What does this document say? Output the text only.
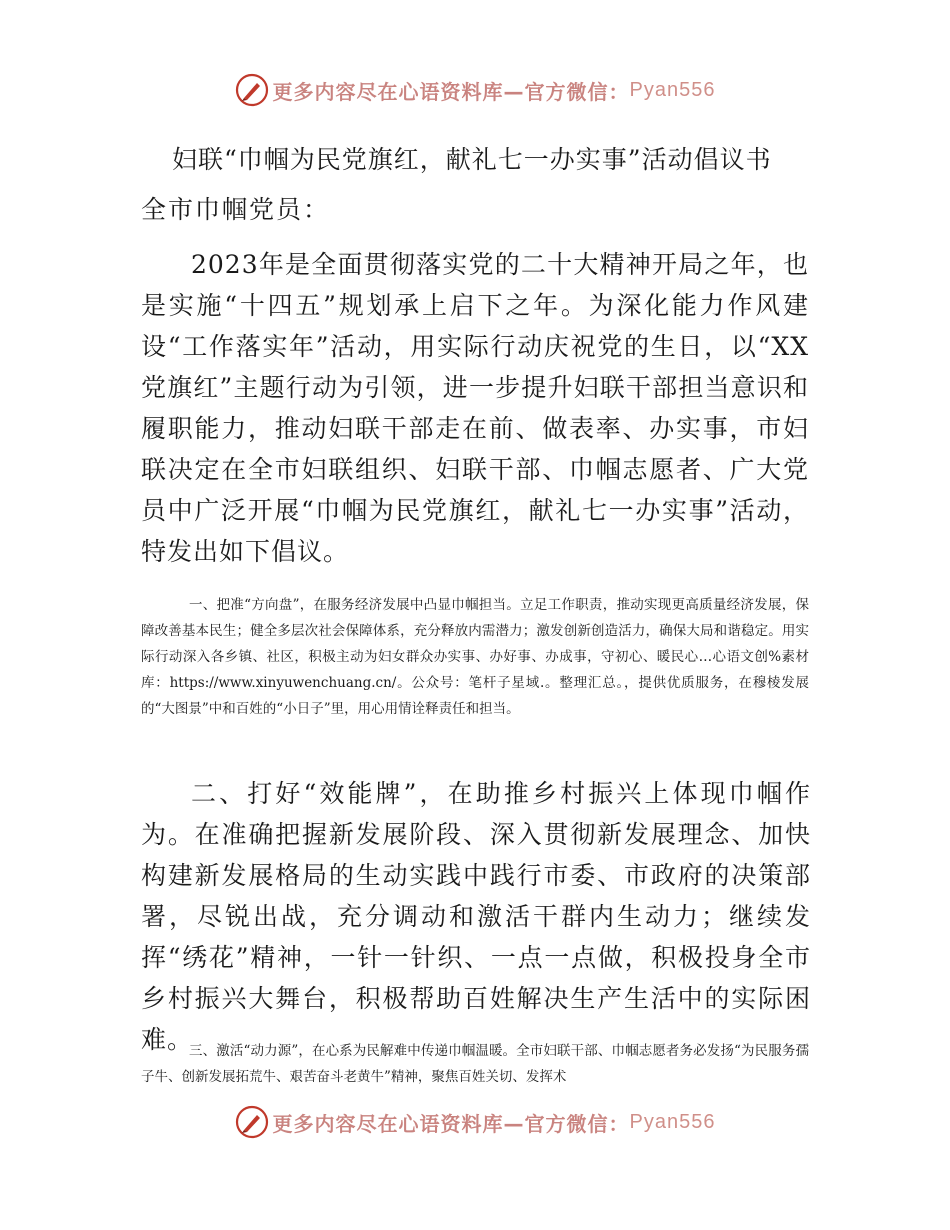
更多内容尽在心语资料库—官方微信： Pyan556
妇联“巾帼为民党旗红，献礼七一办实事”活动倡议书
全市巾帼党员：

2023年是全面贯彻落实党的二十大精神开局之年，也是实施“十四五”规划承上启下之年。为深化能力作风建设“工作落实年”活动，用实际行动庆祝党的生日，以“XX党旗红”主题行动为引领，进一步提升妇联干部担当意识和履职能力，推动妇联干部走在前、做表率、办实事，市妇联决定在全市妇联组织、妇联干部、巾帼志愿者、广大党员中广泛开展“巾帼为民党旗红，献礼七一办实事”活动，特发出如下倡议。

一、把准“方向盘”，在服务经济发展中凸显巾帼担当。立足工作职责，推动实现更高质量经济发展，保障改善基本民生；健全多层次社会保障体系，充分释放内需潜力；激发创新创造活力，确保大局和谐稳定。用实际行动深入各乡镇、社区，积极主动为妇女群众办实事、办好事、办成事，守初心、暖民心…心语文创%素材库：https://www.xinyuwenchuang.cn/。公众号：笔杆子星域.。整理汇总。，提供优质服务，在穆棱发展的“大图景”中和百姓的“小日子”里，用心用情诠释责任和担当。

二、打好“效能牌”，在助推乡村振兴上体现巾帼作为。在准确把握新发展阶段、深入贯彻新发展理念、加快构建新发展格局的生动实践中践行市委、市政府的决策部署，尽锐出战，充分调动和激活干群内生动力；继续发挥“绣花”精神，一针一针织、一点一点做，积极投身全市乡村振兴大舞台，积极帮助百姓解决生产生活中的实际困难。

三、激活“动力源”，在心系为民解难中传递巾帼温暖。全市妇联干部、巾帼志愿者务必发扬“为民服务孺子牛、创新发展拓荒牛、艰苦奋斗老黄牛”精神，聚焦百姓关切、发挥术

更多内容尽在心语资料库—官方微信： Pyan556
